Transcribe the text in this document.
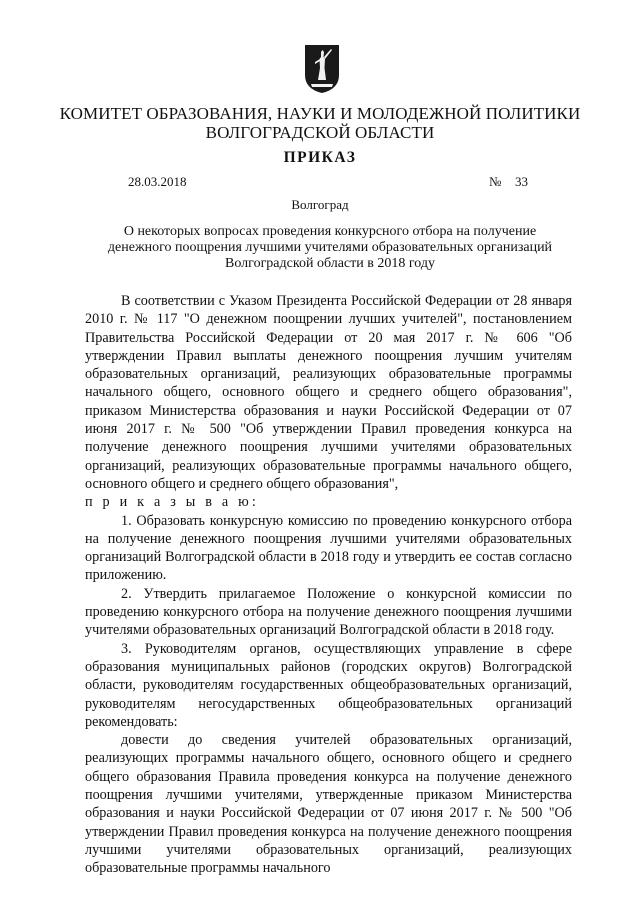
КОМИТЕТ ОБРАЗОВАНИЯ, НАУКИ И МОЛОДЕЖНОЙ ПОЛИТИКИ
ВОЛГОГРАДСКОЙ ОБЛАСТИ
ПРИКАЗ
28.03.2018	№ 33
Волгоград
О некоторых вопросах проведения конкурсного отбора на получение
денежного поощрения лучшими учителями образовательных организаций
Волгоградской области в 2018 году

В соответствии с Указом Президента Российской Федерации от 28 января 2010 г. № 117 "О денежном поощрении лучших учителей", постановлением Правительства Российской Федерации от 20 мая 2017 г. № 606 "Об утверждении Правил выплаты денежного поощрения лучшим учителям образовательных организаций, реализующих образовательные программы начального общего, основного общего и среднего общего образования", приказом Министерства образования и науки Российской Федерации от 07 июня 2017 г. № 500 "Об утверждении Правил проведения конкурса на получение денежного поощрения лучшими учителями образовательных организаций, реализующих образовательные программы начального общего, основного общего и среднего общего образования",

п р и к а з ы в а ю:

1. Образовать конкурсную комиссию по проведению конкурсного отбора на получение денежного поощрения лучшими учителями образовательных организаций Волгоградской области в 2018 году и утвердить ее состав согласно приложению.

2. Утвердить прилагаемое Положение о конкурсной комиссии по проведению конкурсного отбора на получение денежного поощрения лучшими учителями образовательных организаций Волгоградской области в 2018 году.

3. Руководителям органов, осуществляющих управление в сфере образования муниципальных районов (городских округов) Волгоградской области, руководителям государственных общеобразовательных организаций, руководителям негосударственных общеобразовательных организаций рекомендовать:

довести до сведения учителей образовательных организаций, реализующих программы начального общего, основного общего и среднего общего образования Правила проведения конкурса на получение денежного поощрения лучшими учителями, утвержденные приказом Министерства образования и науки Российской Федерации от 07 июня 2017 г. № 500 "Об утверждении Правил проведения конкурса на получение денежного поощрения лучшими учителями образовательных организаций, реализующих образовательные программы начального
